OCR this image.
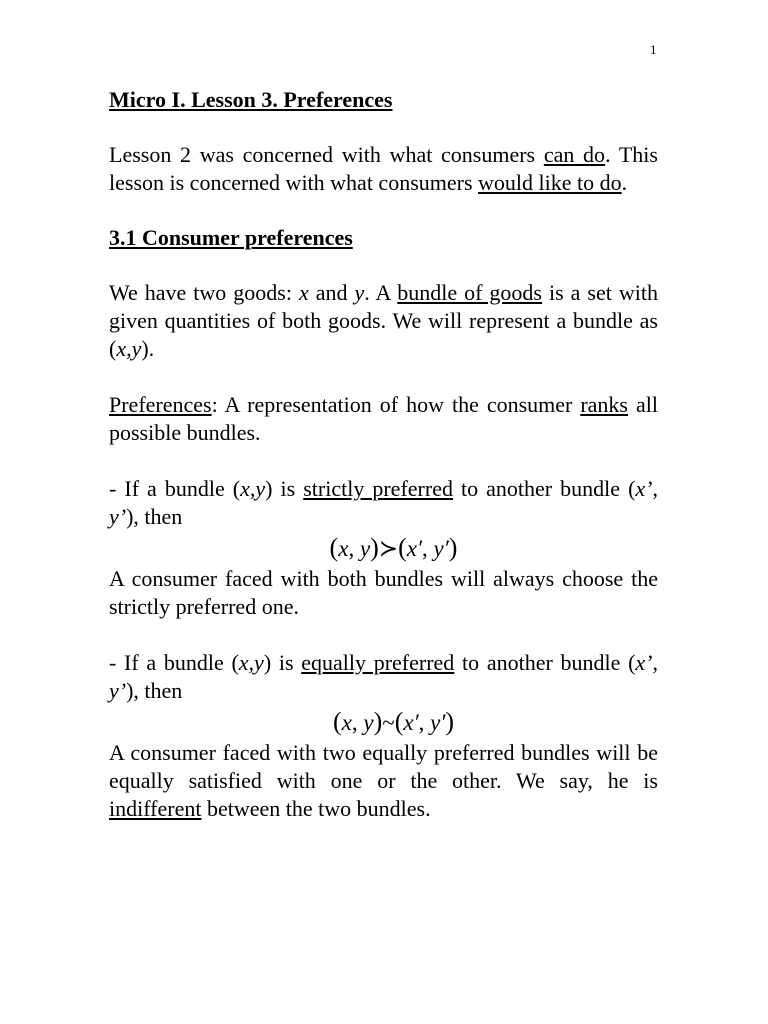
1
Micro I. Lesson 3. Preferences

Lesson 2 was concerned with what consumers can do. This lesson is concerned with what consumers would like to do.

3.1 Consumer preferences

We have two goods: x and y. A bundle of goods is a set with given quantities of both goods. We will represent a bundle as (x,y).

Preferences: A representation of how the consumer ranks all possible bundles.

- If a bundle (x,y) is strictly preferred to another bundle (x’, y’), then

(x, y)≻(x′, y′)

A consumer faced with both bundles will always choose the strictly preferred one.

- If a bundle (x,y) is equally preferred to another bundle (x’, y’), then

(x, y)~(x′, y′)

A consumer faced with two equally preferred bundles will be equally satisfied with one or the other. We say, he is indifferent between the two bundles.
